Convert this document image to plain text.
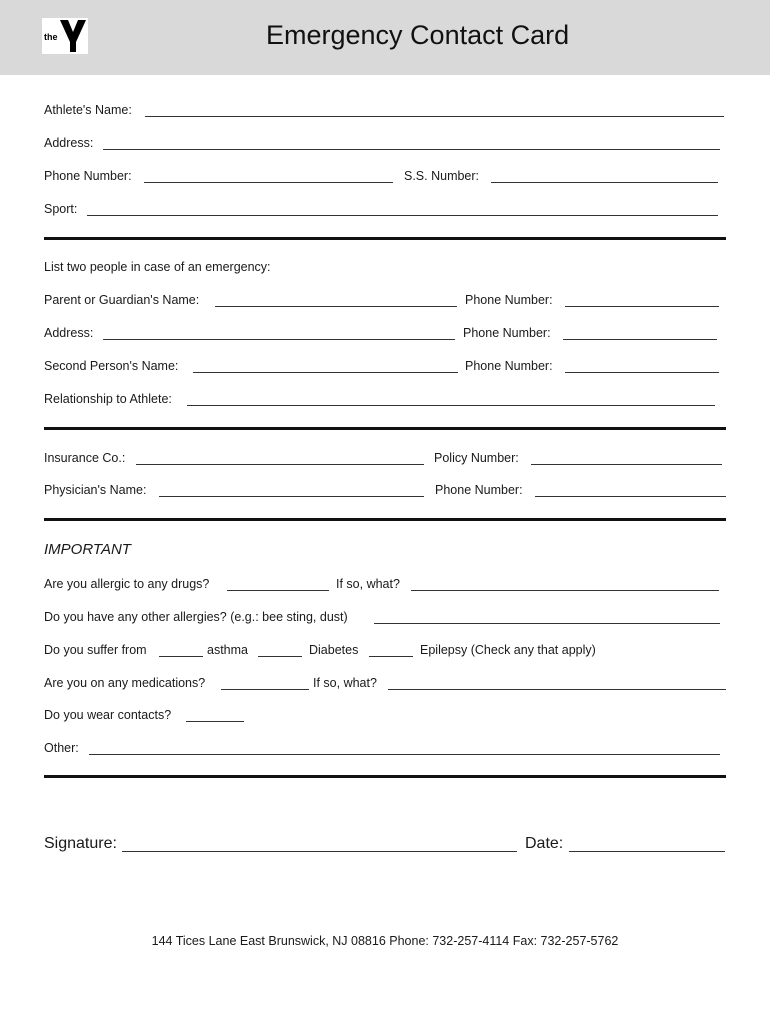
the	Emergency Contact Card
Athlete's Name:
Address:
Phone Number:	S.S. Number:
Sport:
List two people in case of an emergency:
Parent or Guardian's Name:	Phone Number:
Address:	Phone Number:
Second Person's Name:	Phone Number:
Relationship to Athlete:
Insurance Co.:	Policy Number:
Physician's Name:	Phone Number:
IMPORTANT
Are you allergic to any drugs?	If so, what?
Do you have any other allergies? (e.g.: bee sting, dust)
Do you suffer from	asthma	Diabetes	Epilepsy (Check any that apply)
Are you on any medications?	If so, what?
Do you wear contacts?
Other:
Signature:	Date:
144 Tices Lane East Brunswick, NJ 08816 Phone: 732-257-4114 Fax: 732-257-5762
